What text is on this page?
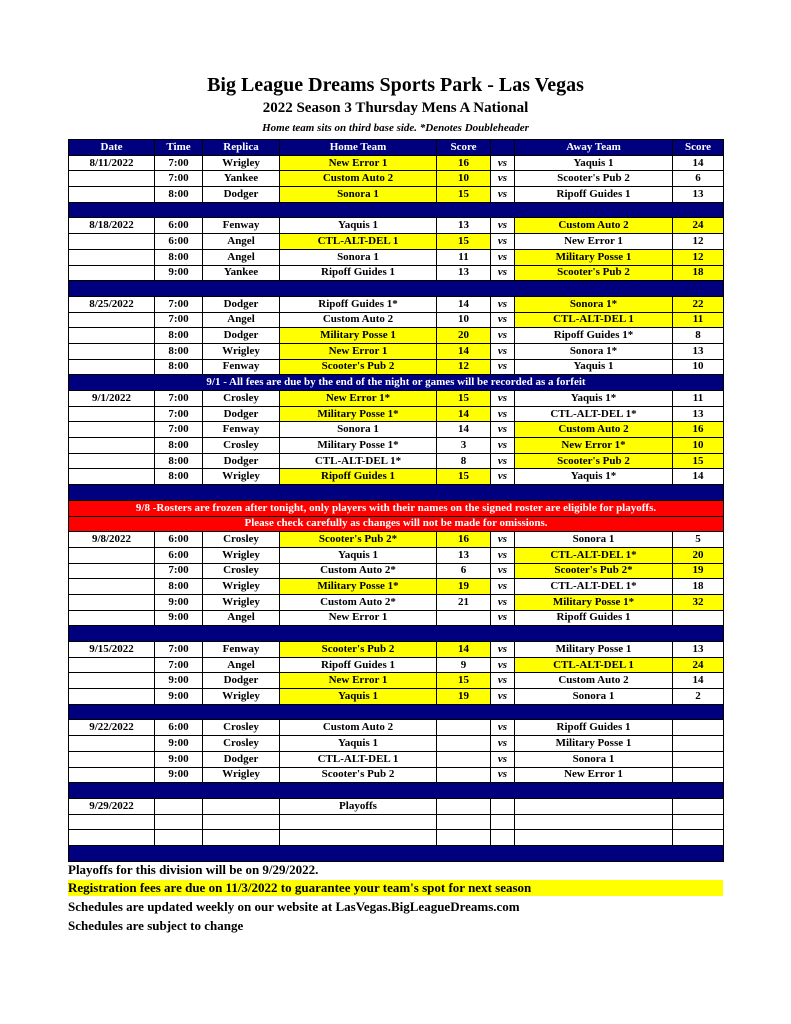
Big League Dreams Sports Park - Las Vegas
2022 Season 3 Thursday Mens A National
Home team sits on third base side. *Denotes Doubleheader
Date	Time	Replica	Home Team	Score		Away Team	Score
8/11/2022	7:00	Wrigley	New Error 1	16	vs	Yaquis 1	14
	7:00	Yankee	Custom Auto 2	10	vs	Scooter's Pub 2	6
	8:00	Dodger	Sonora 1	15	vs	Ripoff Guides 1	13

8/18/2022	6:00	Fenway	Yaquis 1	13	vs	Custom Auto 2	24
	6:00	Angel	CTL-ALT-DEL 1	15	vs	New Error 1	12
	8:00	Angel	Sonora 1	11	vs	Military Posse 1	12
	9:00	Yankee	Ripoff Guides 1	13	vs	Scooter's Pub 2	18

8/25/2022	7:00	Dodger	Ripoff Guides 1*	14	vs	Sonora 1*	22
	7:00	Angel	Custom Auto 2	10	vs	CTL-ALT-DEL 1	11
	8:00	Dodger	Military Posse 1	20	vs	Ripoff Guides 1*	8
	8:00	Wrigley	New Error 1	14	vs	Sonora 1*	13
	8:00	Fenway	Scooter's Pub 2	12	vs	Yaquis 1	10
9/1 - All fees are due by the end of the night or games will be recorded as a forfeit							
9/1/2022	7:00	Crosley	New Error 1*	15	vs	Yaquis 1*	11
	7:00	Dodger	Military Posse 1*	14	vs	CTL-ALT-DEL 1*	13
	7:00	Fenway	Sonora 1	14	vs	Custom Auto 2	16
	8:00	Crosley	Military Posse 1*	3	vs	New Error 1*	10
	8:00	Dodger	CTL-ALT-DEL 1*	8	vs	Scooter's Pub 2	15
	8:00	Wrigley	Ripoff Guides 1	15	vs	Yaquis 1*	14

9/8 -Rosters are frozen after tonight, only players with their names on the signed roster are eligible for playoffs.							
Please check carefully as changes will not be made for omissions.							
9/8/2022	6:00	Crosley	Scooter's Pub 2*	16	vs	Sonora 1	5
	6:00	Wrigley	Yaquis 1	13	vs	CTL-ALT-DEL 1*	20
	7:00	Crosley	Custom Auto 2*	6	vs	Scooter's Pub 2*	19
	8:00	Wrigley	Military Posse 1*	19	vs	CTL-ALT-DEL 1*	18
	9:00	Wrigley	Custom Auto 2*	21	vs	Military Posse 1*	32
	9:00	Angel	New Error 1		vs	Ripoff Guides 1	

9/15/2022	7:00	Fenway	Scooter's Pub 2	14	vs	Military Posse 1	13
	7:00	Angel	Ripoff Guides 1	9	vs	CTL-ALT-DEL 1	24
	9:00	Dodger	New Error 1	15	vs	Custom Auto 2	14
	9:00	Wrigley	Yaquis 1	19	vs	Sonora 1	2

9/22/2022	6:00	Crosley	Custom Auto 2		vs	Ripoff Guides 1	
	9:00	Crosley	Yaquis 1		vs	Military Posse 1	
	9:00	Dodger	CTL-ALT-DEL 1		vs	Sonora 1	
	9:00	Wrigley	Scooter's Pub 2		vs	New Error 1	

9/29/2022			Playoffs				

Playoffs for this division will be on 9/29/2022.
Registration fees are due on 11/3/2022 to guarantee your team's spot for next season
Schedules are updated weekly on our website at LasVegas.BigLeagueDreams.com
Schedules are subject to change
